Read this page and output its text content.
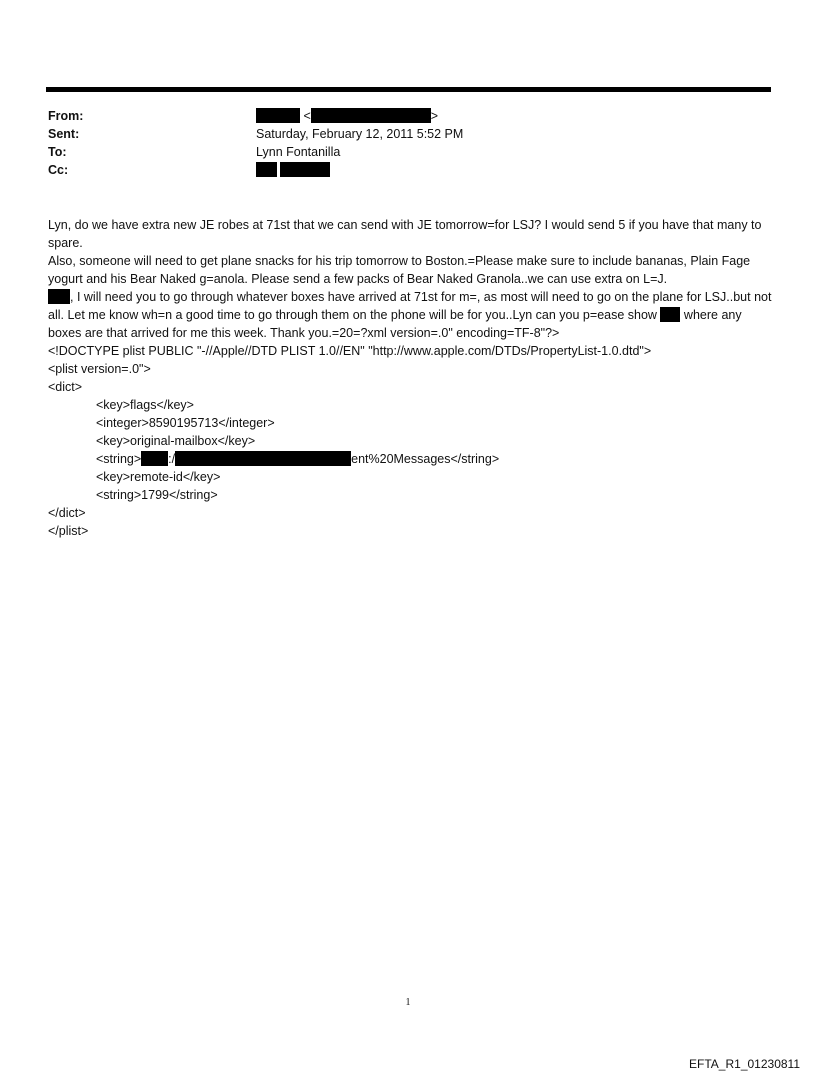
From:	<	>
Sent:	Saturday, February 12, 2011 5:52 PM
To:	Lynn Fontanilla
Cc:

Lyn, do we have extra new JE robes at 71st that we can send with JE tomorrow=for LSJ? I would send 5 if you have that many to spare.

Also, someone will need to get plane snacks for his trip tomorrow to Boston.=Please make sure to include bananas, Plain Fage yogurt and his Bear Naked g=anola. Please send a few packs of Bear Naked Granola..we can use extra on L=J.

, I will need you to go through whatever boxes have arrived at 71st for m=, as most will need to go on the plane for LSJ..but not all. Let me know wh=n a good time to go through them on the phone will be for you..Lyn can you p=ease show where any boxes are that arrived for me this week. Thank you.=20=?xml version=.0" encoding=TF-8"?>

<!DOCTYPE plist PUBLIC "-//Apple//DTD PLIST 1.0//EN" "http://www.apple.com/DTDs/PropertyList-1.0.dtd">
<plist version=.0">
<dict>
<key>flags</key>
<integer>8590195713</integer>
<key>original-mailbox</key>
<string> :/	ent%20Messages</string>
<key>remote-id</key>
<string>1799</string>
</dict>
</plist>
1
EFTA_R1_01230811
